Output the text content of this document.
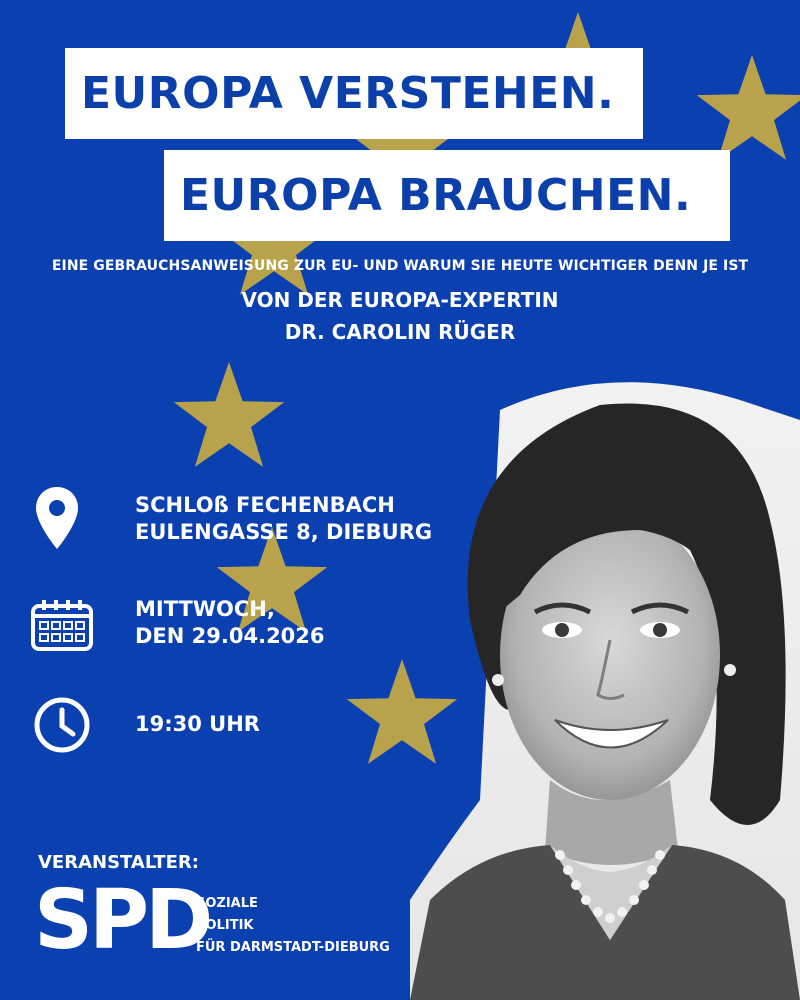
EUROPA VERSTEHEN.
EUROPA BRAUCHEN.
EINE GEBRAUCHSANWEISUNG ZUR EU- UND WARUM SIE HEUTE WICHTIGER DENN JE IST
VON DER EUROPA-EXPERTIN
DR. CAROLIN RÜGER
SCHLOß FECHENBACH
EULENGASSE 8, DIEBURG
MITTWOCH,
DEN 29.04.2026
19:30 UHR
VERANSTALTER:
SPD
SOZIALE
POLITIK
FÜR DARMSTADT-DIEBURG
